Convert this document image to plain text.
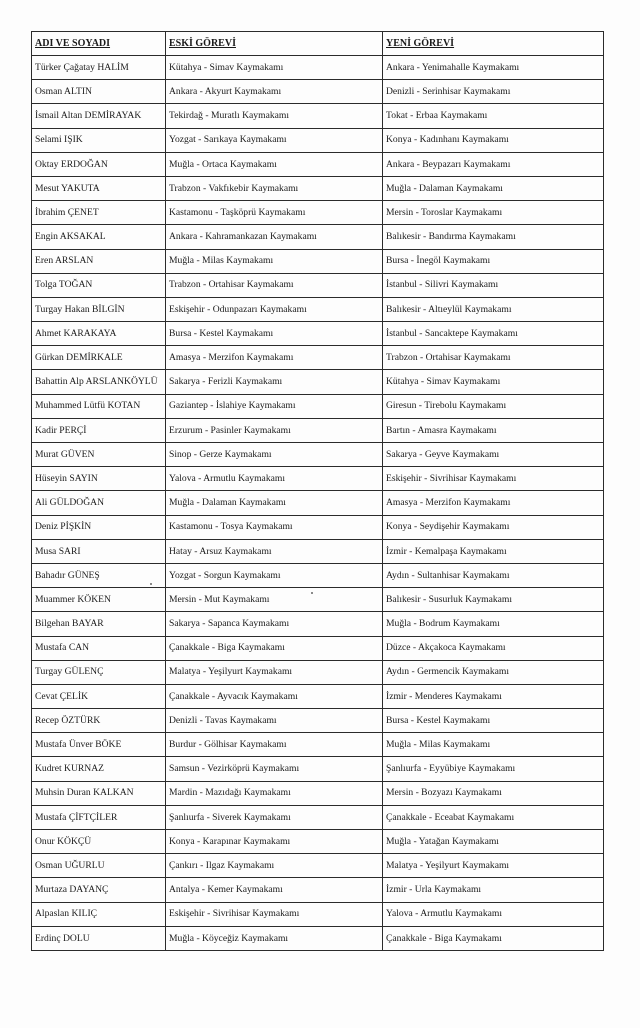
ADI VE SOYADI	ESKİ GÖREVİ	YENİ GÖREVİ
Türker Çağatay HALİM	Kütahya - Simav Kaymakamı	Ankara - Yenimahalle Kaymakamı
Osman ALTIN	Ankara - Akyurt Kaymakamı	Denizli - Serinhisar Kaymakamı
İsmail Altan DEMİRAYAK	Tekirdağ - Muratlı Kaymakamı	Tokat - Erbaa Kaymakamı
Selami IŞIK	Yozgat - Sarıkaya Kaymakamı	Konya - Kadınhanı Kaymakamı
Oktay ERDOĞAN	Muğla - Ortaca Kaymakamı	Ankara - Beypazarı Kaymakamı
Mesut YAKUTA	Trabzon - Vakfıkebir Kaymakamı	Muğla - Dalaman Kaymakamı
İbrahim ÇENET	Kastamonu - Taşköprü Kaymakamı	Mersin - Toroslar Kaymakamı
Engin AKSAKAL	Ankara - Kahramankazan Kaymakamı	Balıkesir - Bandırma Kaymakamı
Eren ARSLAN	Muğla - Milas Kaymakamı	Bursa - İnegöl Kaymakamı
Tolga TOĞAN	Trabzon - Ortahisar Kaymakamı	İstanbul - Silivri Kaymakamı
Turgay Hakan BİLGİN	Eskişehir - Odunpazarı Kaymakamı	Balıkesir - Altıeylül Kaymakamı
Ahmet KARAKAYA	Bursa - Kestel Kaymakamı	İstanbul - Sancaktepe Kaymakamı
Gürkan DEMİRKALE	Amasya - Merzifon Kaymakamı	Trabzon - Ortahisar Kaymakamı
Bahattin Alp ARSLANKÖYLÜ	Sakarya - Ferizli Kaymakamı	Kütahya - Simav Kaymakamı
Muhammed Lütfü KOTAN	Gaziantep - İslahiye Kaymakamı	Giresun - Tirebolu Kaymakamı
Kadir PERÇİ	Erzurum - Pasinler Kaymakamı	Bartın - Amasra Kaymakamı
Murat GÜVEN	Sinop - Gerze Kaymakamı	Sakarya - Geyve Kaymakamı
Hüseyin SAYIN	Yalova - Armutlu Kaymakamı	Eskişehir - Sivrihisar Kaymakamı
Ali GÜLDOĞAN	Muğla - Dalaman Kaymakamı	Amasya - Merzifon Kaymakamı
Deniz PİŞKİN	Kastamonu - Tosya Kaymakamı	Konya - Seydişehir Kaymakamı
Musa SARI	Hatay - Arsuz Kaymakamı	İzmir - Kemalpaşa Kaymakamı
Bahadır GÜNEŞ	Yozgat - Sorgun Kaymakamı	Aydın - Sultanhisar Kaymakamı
Muammer KÖKEN	Mersin - Mut Kaymakamı	Balıkesir - Susurluk Kaymakamı
Bilgehan BAYAR	Sakarya - Sapanca Kaymakamı	Muğla - Bodrum Kaymakamı
Mustafa CAN	Çanakkale - Biga Kaymakamı	Düzce - Akçakoca Kaymakamı
Turgay GÜLENÇ	Malatya - Yeşilyurt Kaymakamı	Aydın - Germencik Kaymakamı
Cevat ÇELİK	Çanakkale - Ayvacık Kaymakamı	İzmir - Menderes Kaymakamı
Recep ÖZTÜRK	Denizli - Tavas Kaymakamı	Bursa - Kestel Kaymakamı
Mustafa Ünver BÖKE	Burdur - Gölhisar Kaymakamı	Muğla - Milas Kaymakamı
Kudret KURNAZ	Samsun - Vezirköprü Kaymakamı	Şanlıurfa - Eyyübiye Kaymakamı
Muhsin Duran KALKAN	Mardin - Mazıdağı Kaymakamı	Mersin - Bozyazı Kaymakamı
Mustafa ÇİFTÇİLER	Şanlıurfa - Siverek Kaymakamı	Çanakkale - Eceabat Kaymakamı
Onur KÖKÇÜ	Konya - Karapınar Kaymakamı	Muğla - Yatağan Kaymakamı
Osman UĞURLU	Çankırı - Ilgaz Kaymakamı	Malatya - Yeşilyurt Kaymakamı
Murtaza DAYANÇ	Antalya - Kemer Kaymakamı	İzmir - Urla Kaymakamı
Alpaslan KILIÇ	Eskişehir - Sivrihisar Kaymakamı	Yalova - Armutlu Kaymakamı
Erdinç DOLU	Muğla - Köyceğiz Kaymakamı	Çanakkale - Biga Kaymakamı
